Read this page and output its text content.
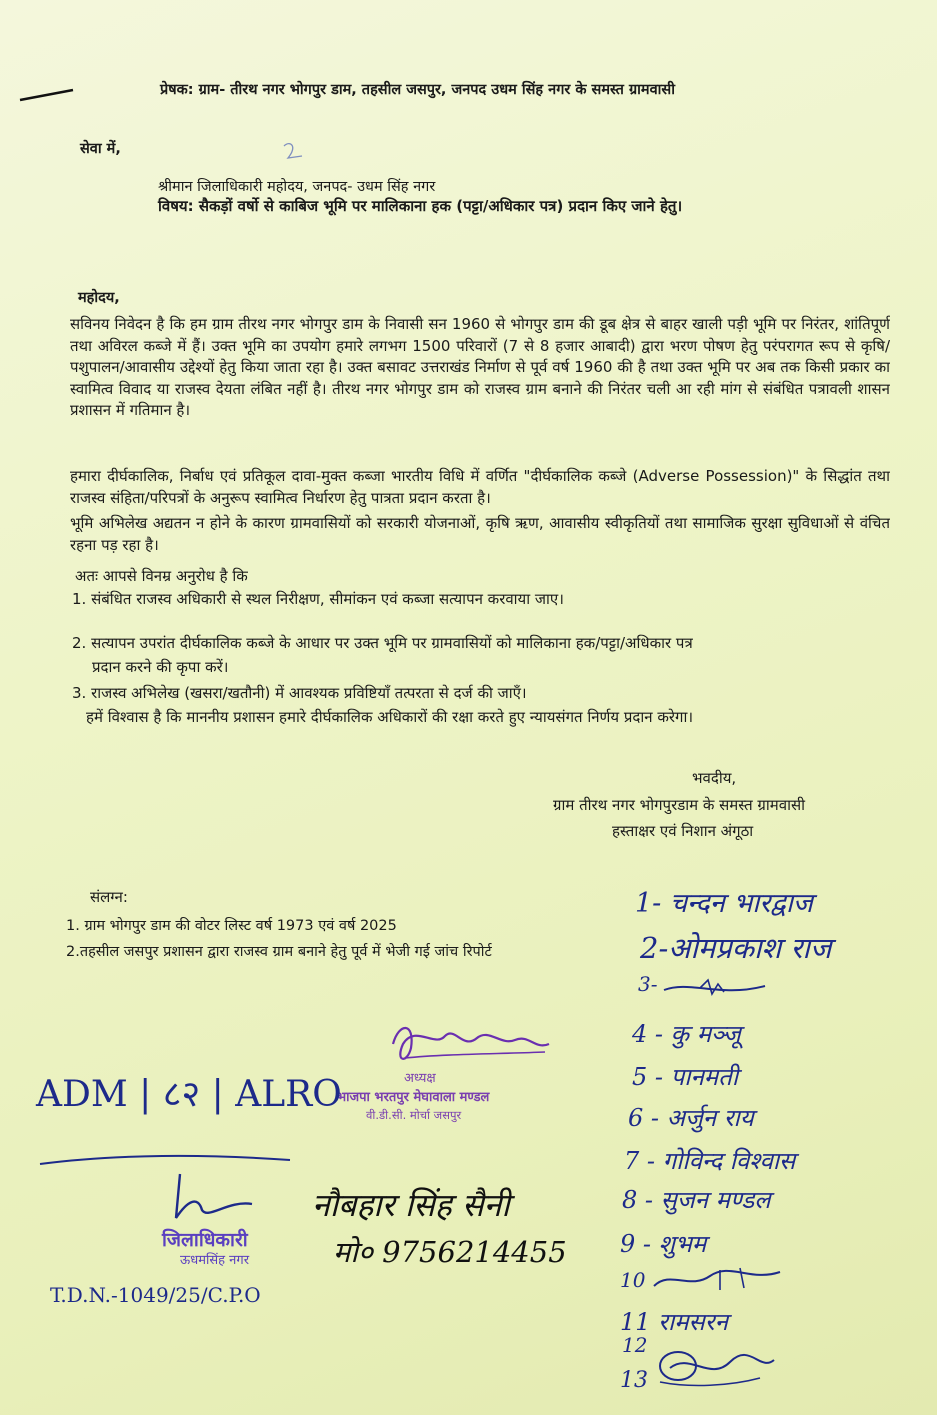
प्रेषक: ग्राम- तीरथ नगर भोगपुर डाम, तहसील जसपुर, जनपद उधम सिंह नगर के समस्त ग्रामवासी
सेवा में,
श्रीमान जिलाधिकारी महोदय, जनपद- उधम सिंह नगर
विषय: सैकड़ों वर्षो से काबिज भूमि पर मालिकाना हक (पट्टा/अधिकार पत्र) प्रदान किए जाने हेतु।
महोदय,
सविनय निवेदन है कि हम ग्राम तीरथ नगर भोगपुर डाम के निवासी सन 1960 से भोगपुर डाम की डूब क्षेत्र से बाहर खाली पड़ी भूमि पर निरंतर, शांतिपूर्ण तथा अविरल कब्जे में हैं। उक्त भूमि का उपयोग हमारे लगभग 1500 परिवारों (7 से 8 हजार आबादी) द्वारा भरण पोषण हेतु परंपरागत रूप से कृषि/पशुपालन/आवासीय उद्देश्यों हेतु किया जाता रहा है। उक्त बसावट उत्तराखंड निर्माण से पूर्व वर्ष 1960 की है तथा उक्त भूमि पर अब तक किसी प्रकार का स्वामित्व विवाद या राजस्व देयता लंबित नहीं है। तीरथ नगर भोगपुर डाम को राजस्व ग्राम बनाने की निरंतर चली आ रही मांग से संबंधित पत्रावली शासन प्रशासन में गतिमान है।
हमारा दीर्घकालिक, निर्बाध एवं प्रतिकूल दावा-मुक्त कब्जा भारतीय विधि में वर्णित "दीर्घकालिक कब्जे (Adverse Possession)" के सिद्धांत तथा राजस्व संहिता/परिपत्रों के अनुरूप स्वामित्व निर्धारण हेतु पात्रता प्रदान करता है।
भूमि अभिलेख अद्यतन न होने के कारण ग्रामवासियों को सरकारी योजनाओं, कृषि ऋण, आवासीय स्वीकृतियों तथा सामाजिक सुरक्षा सुविधाओं से वंचित रहना पड़ रहा है।
अतः आपसे विनम्र अनुरोध है कि
1. संबंधित राजस्व अधिकारी से स्थल निरीक्षण, सीमांकन एवं कब्जा सत्यापन करवाया जाए।
2. सत्यापन उपरांत दीर्घकालिक कब्जे के आधार पर उक्त भूमि पर ग्रामवासियों को मालिकाना हक/पट्टा/अधिकार पत्र
प्रदान करने की कृपा करें।
3. राजस्व अभिलेख (खसरा/खतौनी) में आवश्यक प्रविष्टियाँ तत्परता से दर्ज की जाएँ।
हमें विश्वास है कि माननीय प्रशासन हमारे दीर्घकालिक अधिकारों की रक्षा करते हुए न्यायसंगत निर्णय प्रदान करेगा।
भवदीय,
ग्राम तीरथ नगर भोगपुरडाम के समस्त ग्रामवासी
हस्ताक्षर एवं निशान अंगूठा
संलग्न:
1. ग्राम भोगपुर डाम की वोटर लिस्ट वर्ष 1973 एवं वर्ष 2025
2.तहसील जसपुर प्रशासन द्वारा राजस्व ग्राम बनाने हेतु पूर्व में भेजी गई जांच रिपोर्ट
1- चन्दन भारद्वाज
2-ओमप्रकाश राज
3-
4 - कु मञ्जू
5 - पानमती
6 - अर्जुन राय
7 - गोविन्द विश्वास
8 - सुजन मण्डल
9 - शुभम
10
11 रामसरन
12
13
अध्यक्ष
भाजपा भरतपुर मेघावाला मण्डल
वी.डी.सी. मोर्चा जसपुर
नौबहार सिंह सैनी
मो० 9756214455
ADM | ८२ | ALRO
जिलाधिकारी
ऊधमसिंह नगर
T.D.N.-1049/25/C.P.O
